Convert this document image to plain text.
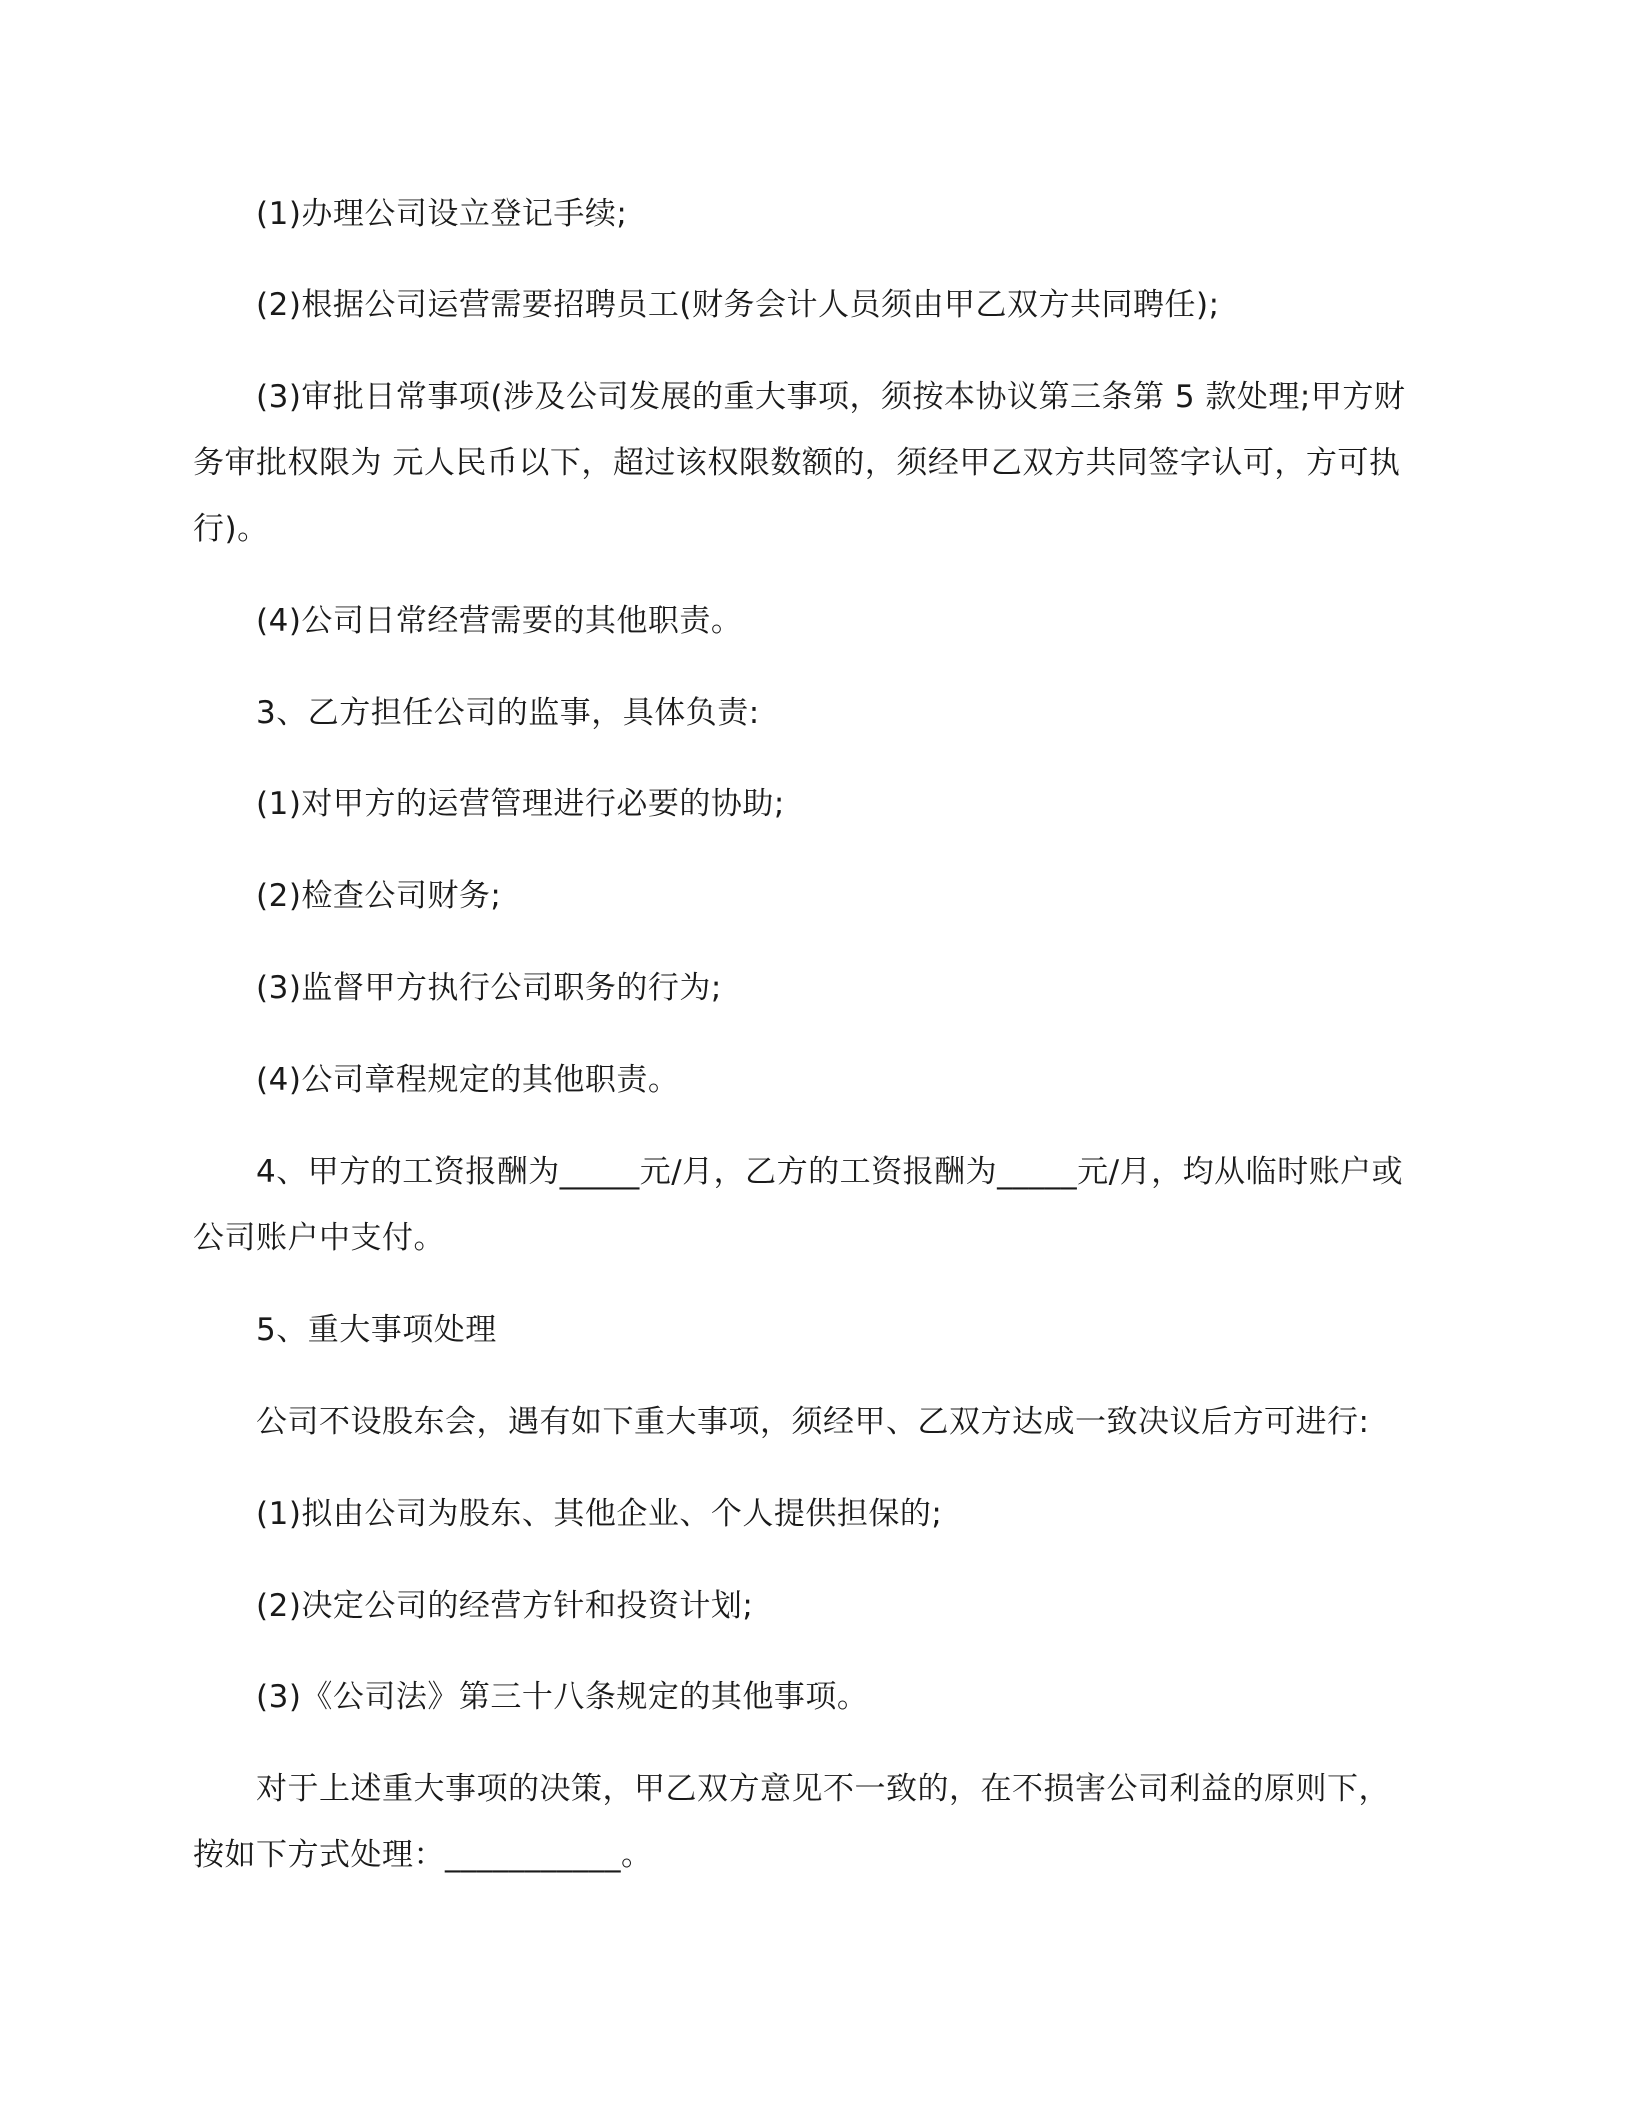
(1)办理公司设立登记手续;
(2)根据公司运营需要招聘员工(财务会计人员须由甲乙双方共同聘任);
(3)审批日常事项(涉及公司发展的重大事项，须按本协议第三条第 5 款处理;甲方财
务审批权限为 元人民币以下，超过该权限数额的，须经甲乙双方共同签字认可，方可执
行)。
(4)公司日常经营需要的其他职责。
3、乙方担任公司的监事，具体负责:
(1)对甲方的运营管理进行必要的协助;
(2)检查公司财务;
(3)监督甲方执行公司职务的行为;
(4)公司章程规定的其他职责。
4、甲方的工资报酬为_____元/月，乙方的工资报酬为_____元/月，均从临时账户或
公司账户中支付。
5、重大事项处理
公司不设股东会，遇有如下重大事项，须经甲、乙双方达成一致决议后方可进行:
(1)拟由公司为股东、其他企业、个人提供担保的;
(2)决定公司的经营方针和投资计划;
(3)《公司法》第三十八条规定的其他事项。
对于上述重大事项的决策，甲乙双方意见不一致的，在不损害公司利益的原则下，
按如下方式处理：___________。
